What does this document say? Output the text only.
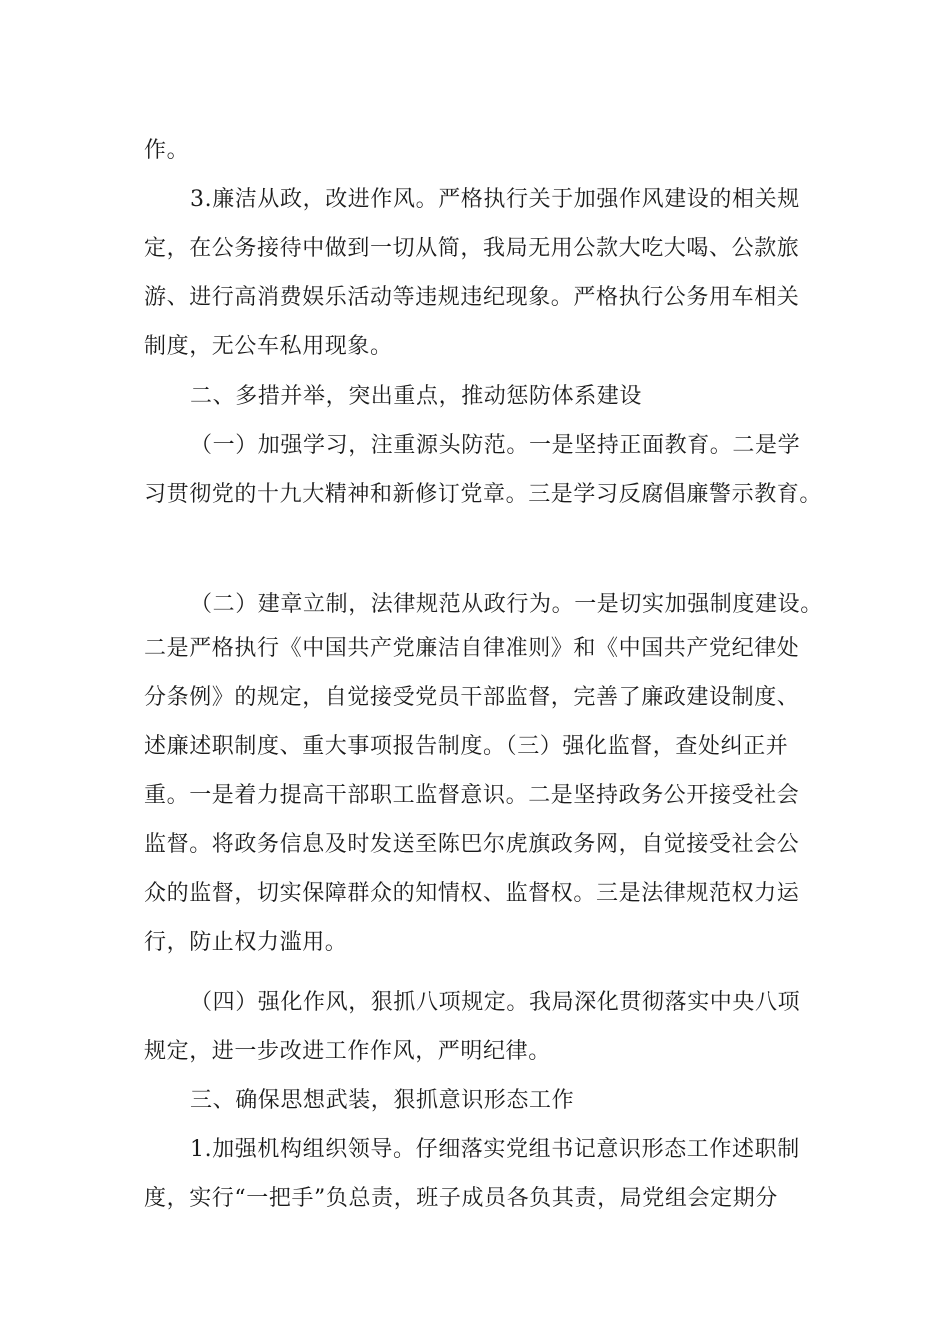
作。

3.廉洁从政，改进作风。严格执行关于加强作风建设的相关规

定，在公务接待中做到一切从简，我局无用公款大吃大喝、公款旅

游、进行高消费娱乐活动等违规违纪现象。严格执行公务用车相关

制度，无公车私用现象。

二、多措并举，突出重点，推动惩防体系建设

（一）加强学习，注重源头防范。一是坚持正面教育。二是学

习贯彻党的十九大精神和新修订党章。三是学习反腐倡廉警示教育。

（二）建章立制，法律规范从政行为。一是切实加强制度建设。

二是严格执行《中国共产党廉洁自律准则》和《中国共产党纪律处

分条例》的规定，自觉接受党员干部监督，完善了廉政建设制度、

述廉述职制度、重大事项报告制度。（三）强化监督，查处纠正并

重。一是着力提高干部职工监督意识。二是坚持政务公开接受社会

监督。将政务信息及时发送至陈巴尔虎旗政务网，自觉接受社会公

众的监督，切实保障群众的知情权、监督权。三是法律规范权力运

行，防止权力滥用。

（四）强化作风，狠抓八项规定。我局深化贯彻落实中央八项

规定，进一步改进工作作风，严明纪律。

三、确保思想武装，狠抓意识形态工作

1.加强机构组织领导。仔细落实党组书记意识形态工作述职制

度，实行“一把手”负总责，班子成员各负其责，局党组会定期分
